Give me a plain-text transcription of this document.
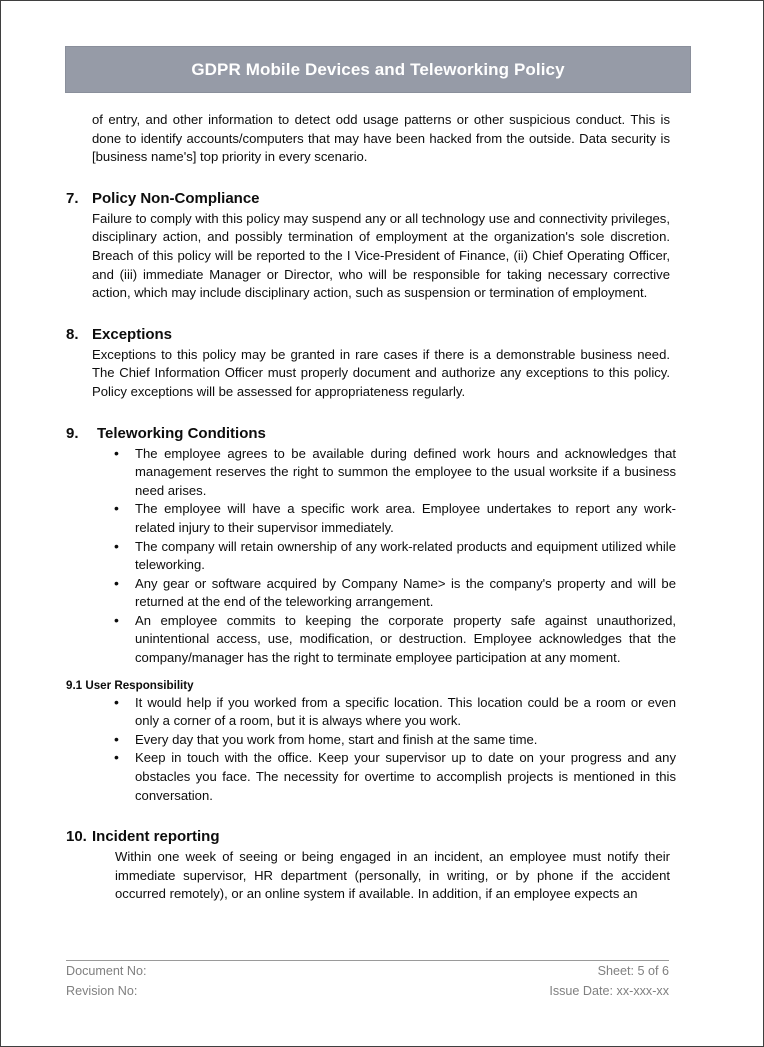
GDPR Mobile Devices and Teleworking Policy

of entry, and other information to detect odd usage patterns or other suspicious conduct. This is done to identify accounts/computers that may have been hacked from the outside. Data security is [business name's] top priority in every scenario.

7. Policy Non-Compliance

Failure to comply with this policy may suspend any or all technology use and connectivity privileges, disciplinary action, and possibly termination of employment at the organization's sole discretion. Breach of this policy will be reported to the I Vice-President of Finance, (ii) Chief Operating Officer, and (iii) immediate Manager or Director, who will be responsible for taking necessary corrective action, which may include disciplinary action, such as suspension or termination of employment.

8. Exceptions

Exceptions to this policy may be granted in rare cases if there is a demonstrable business need. The Chief Information Officer must properly document and authorize any exceptions to this policy. Policy exceptions will be assessed for appropriateness regularly.

9.	Teleworking Conditions
• The employee agrees to be available during defined work hours and acknowledges that management reserves the right to summon the employee to the usual worksite if a business need arises.
• The employee will have a specific work area. Employee undertakes to report any work-related injury to their supervisor immediately.
• The company will retain ownership of any work-related products and equipment utilized while teleworking.
• Any gear or software acquired by Company Name> is the company's property and will be returned at the end of the teleworking arrangement.
• An employee commits to keeping the corporate property safe against unauthorized, unintentional access, use, modification, or destruction. Employee acknowledges that the company/manager has the right to terminate employee participation at any moment.
9.1 User Responsibility
• It would help if you worked from a specific location. This location could be a room or even only a corner of a room, but it is always where you work.
• Every day that you work from home, start and finish at the same time.
• Keep in touch with the office. Keep your supervisor up to date on your progress and any obstacles you face. The necessity for overtime to accomplish projects is mentioned in this conversation.
10. Incident reporting

Within one week of seeing or being engaged in an incident, an employee must notify their immediate supervisor, HR department (personally, in writing, or by phone if the accident occurred remotely), or an online system if available. In addition, if an employee expects an

Document No:	Sheet: 5 of 6
Revision No:	Issue Date: xx-xxx-xx
